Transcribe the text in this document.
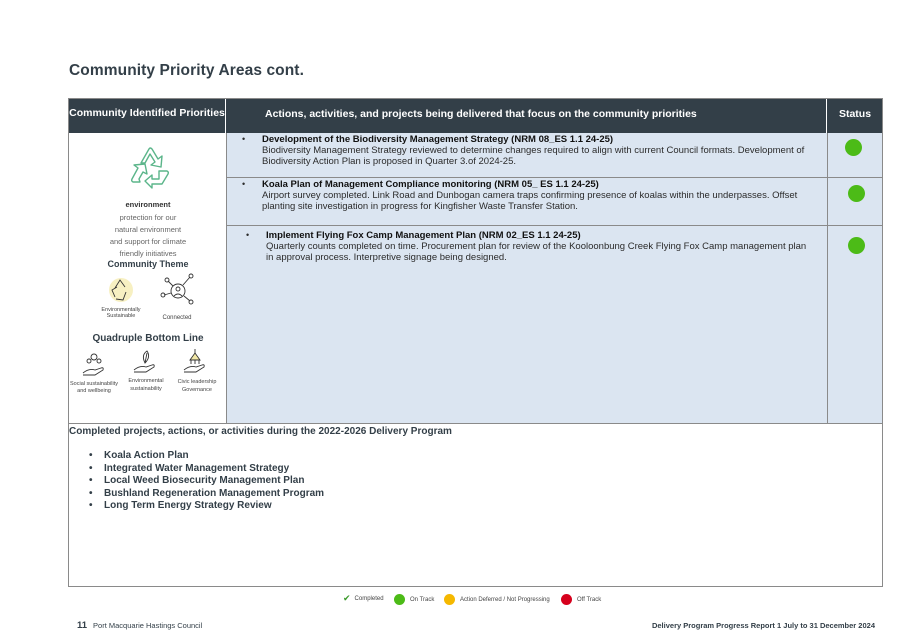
Community Priority Areas cont.
Community Identified Priorities	Actions, activities, and projects being delivered that focus on the community priorities	Status
environment
protection for our
natural environment
and support for climate
friendly initiatives
Community Theme
Environmentally
Sustainable	Connected
Quadruple Bottom Line
Social sustainability
and wellbeing
Environmental
sustainability
Civic leadership
Governance
• Development of the Biodiversity Management Strategy (NRM 08_ES 1.1 24-25)
Biodiversity Management Strategy reviewed to determine changes required to align with current Council formats. Development of Biodiversity Action Plan is proposed in Quarter 3.of 2024-25.
• Koala Plan of Management Compliance monitoring (NRM 05_ ES 1.1 24-25)
Airport survey completed. Link Road and Dunbogan camera traps confirming presence of koalas within the underpasses. Offset planting site investigation in progress for Kingfisher Waste Transfer Station.
• Implement Flying Fox Camp Management Plan (NRM 02_ES 1.1 24-25)
Quarterly counts completed on time. Procurement plan for review of the Kooloonbung Creek Flying Fox Camp management plan in approval process. Interpretive signage being designed.
Completed projects, actions, or activities during the 2022-2026 Delivery Program
• Koala Action Plan
• Integrated Water Management Strategy
• Local Weed Biosecurity Management Plan
• Bushland Regeneration Management Program
• Long Term Energy Strategy Review
✔ Completed	On Track	Action Deferred / Not Progressing	Off Track
11 Port Macquarie Hastings Council	Delivery Program Progress Report 1 July to 31 December 2024
